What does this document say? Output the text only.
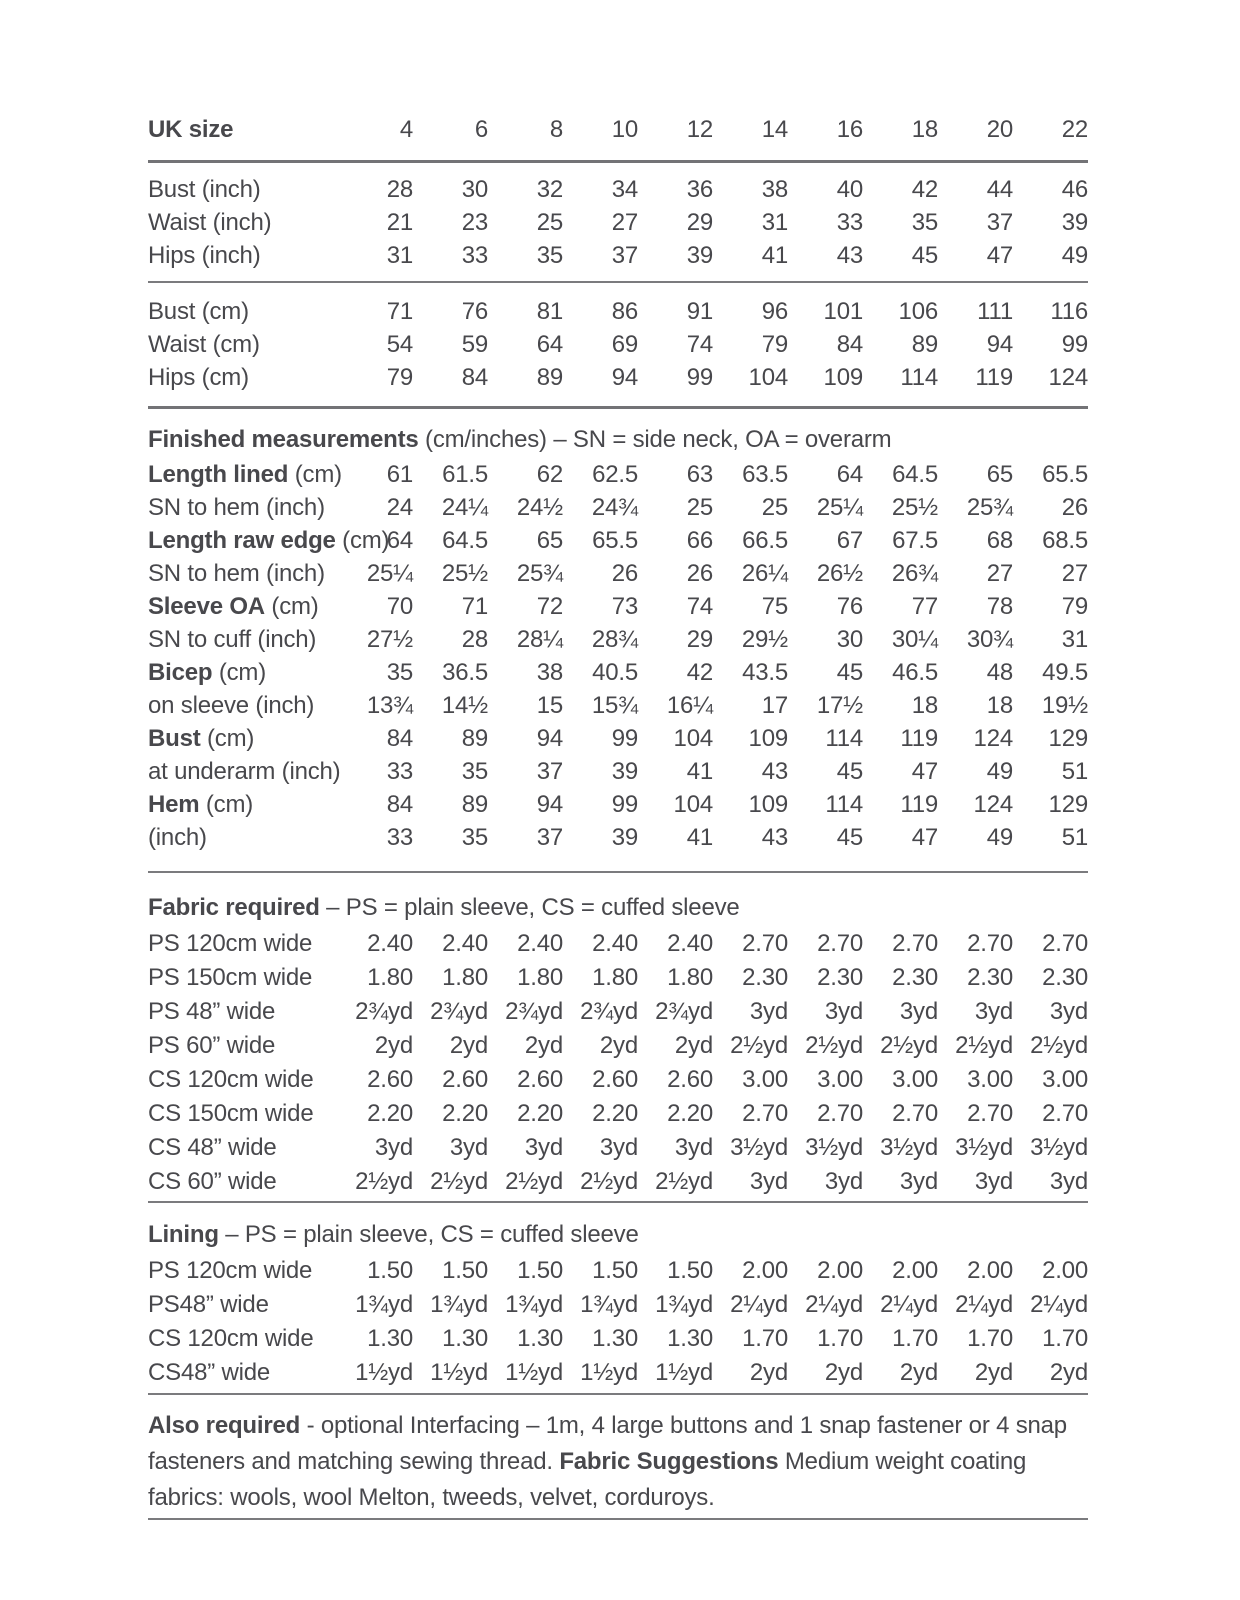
UK size	4	6	8	10	12	14	16	18	20	22
Bust (inch)	28	30	32	34	36	38	40	42	44	46
Waist (inch)	21	23	25	27	29	31	33	35	37	39
Hips (inch)	31	33	35	37	39	41	43	45	47	49
Bust (cm)	71	76	81	86	91	96	101	106	111	116
Waist (cm)	54	59	64	69	74	79	84	89	94	99
Hips (cm)	79	84	89	94	99	104	109	114	119	124
Finished measurements (cm/inches) – SN = side neck, OA = overarm
Length lined (cm)	61	61.5	62	62.5	63	63.5	64	64.5	65	65.5
SN to hem (inch)	24	24¼	24½	24¾	25	25	25¼	25½	25¾	26
Length raw edge (cm)	64	64.5	65	65.5	66	66.5	67	67.5	68	68.5
SN to hem (inch)	25¼	25½	25¾	26	26	26¼	26½	26¾	27	27
Sleeve OA (cm)	70	71	72	73	74	75	76	77	78	79
SN to cuff (inch)	27½	28	28¼	28¾	29	29½	30	30¼	30¾	31
Bicep (cm)	35	36.5	38	40.5	42	43.5	45	46.5	48	49.5
on sleeve (inch)	13¾	14½	15	15¾	16¼	17	17½	18	18	19½
Bust (cm)	84	89	94	99	104	109	114	119	124	129
at underarm (inch)	33	35	37	39	41	43	45	47	49	51
Hem (cm)	84	89	94	99	104	109	114	119	124	129
(inch)	33	35	37	39	41	43	45	47	49	51
Fabric required – PS = plain sleeve, CS = cuffed sleeve
PS 120cm wide	2.40	2.40	2.40	2.40	2.40	2.70	2.70	2.70	2.70	2.70
PS 150cm wide	1.80	1.80	1.80	1.80	1.80	2.30	2.30	2.30	2.30	2.30
PS 48” wide	2¾yd	2¾yd	2¾yd	2¾yd	2¾yd	3yd	3yd	3yd	3yd	3yd
PS 60” wide	2yd	2yd	2yd	2yd	2yd	2½yd	2½yd	2½yd	2½yd	2½yd
CS 120cm wide	2.60	2.60	2.60	2.60	2.60	3.00	3.00	3.00	3.00	3.00
CS 150cm wide	2.20	2.20	2.20	2.20	2.20	2.70	2.70	2.70	2.70	2.70
CS 48” wide	3yd	3yd	3yd	3yd	3yd	3½yd	3½yd	3½yd	3½yd	3½yd
CS 60” wide	2½yd	2½yd	2½yd	2½yd	2½yd	3yd	3yd	3yd	3yd	3yd
Lining – PS = plain sleeve, CS = cuffed sleeve
PS 120cm wide	1.50	1.50	1.50	1.50	1.50	2.00	2.00	2.00	2.00	2.00
PS48” wide	1¾yd	1¾yd	1¾yd	1¾yd	1¾yd	2¼yd	2¼yd	2¼yd	2¼yd	2¼yd
CS 120cm wide	1.30	1.30	1.30	1.30	1.30	1.70	1.70	1.70	1.70	1.70
CS48” wide	1½yd	1½yd	1½yd	1½yd	1½yd	2yd	2yd	2yd	2yd	2yd
Also required - optional Interfacing – 1m, 4 large buttons and 1 snap fastener or 4 snap fasteners and matching sewing thread. Fabric Suggestions Medium weight coating fabrics: wools, wool Melton, tweeds, velvet, corduroys.
